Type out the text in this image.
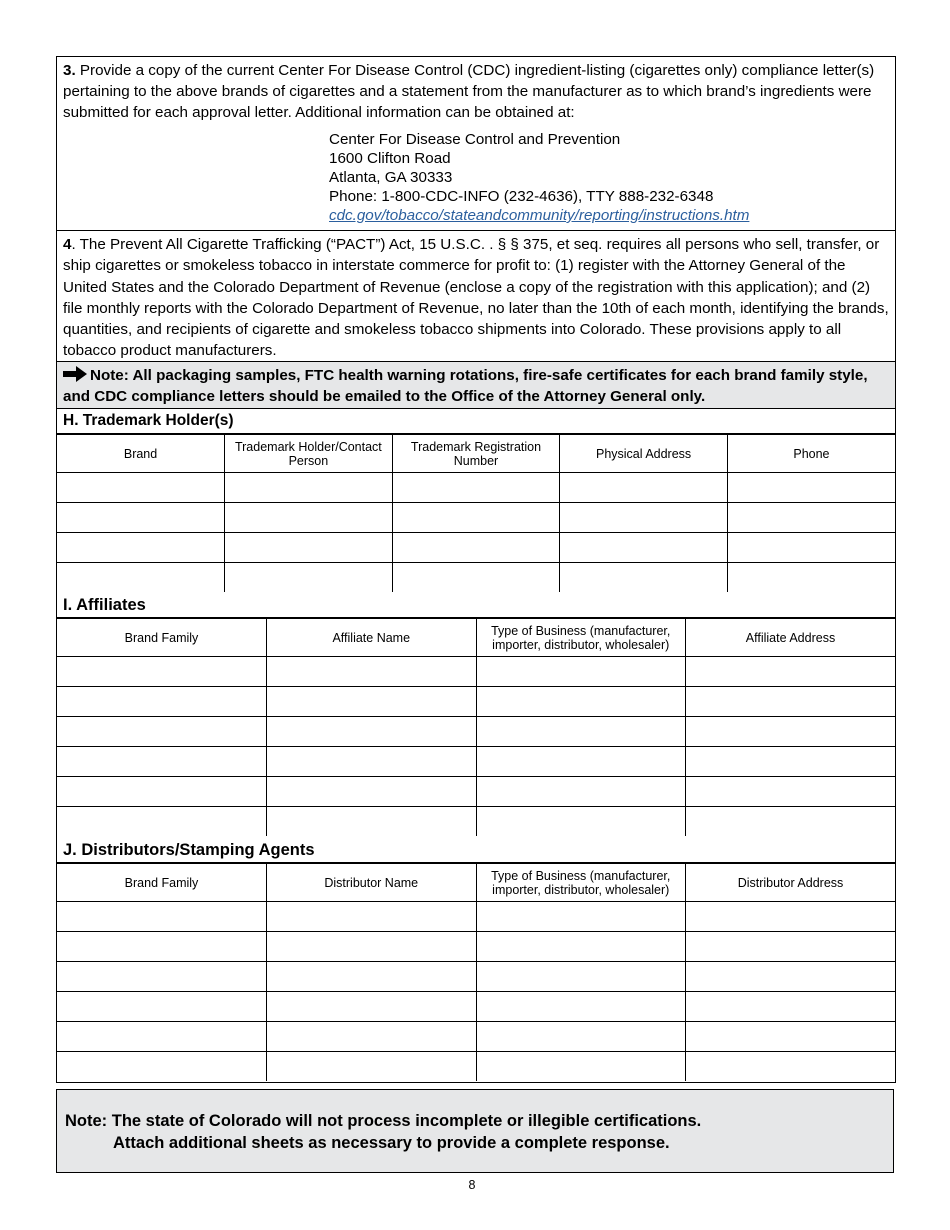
3. Provide a copy of the current Center For Disease Control (CDC) ingredient-listing (cigarettes only) compliance letter(s) pertaining to the above brands of cigarettes and a statement from the manufacturer as to which brand’s ingredients were submitted for each approval letter. Additional information can be obtained at:
Center For Disease Control and Prevention
1600 Clifton Road
Atlanta, GA 30333
Phone: 1-800-CDC-INFO (232-4636), TTY 888-232-6348
cdc.gov/tobacco/stateandcommunity/reporting/instructions.htm
4. The Prevent All Cigarette Trafficking (“PACT”) Act, 15 U.S.C. . § § 375, et seq. requires all persons who sell, transfer, or ship cigarettes or smokeless tobacco in interstate commerce for profit to: (1) register with the Attorney General of the United States and the Colorado Department of Revenue (enclose a copy of the registration with this application); and (2) file monthly reports with the Colorado Department of Revenue, no later than the 10th of each month, identifying the brands, quantities, and recipients of cigarette and smokeless tobacco shipments into Colorado. These provisions apply to all tobacco product manufacturers.
Note: All packaging samples, FTC health warning rotations, fire-safe certificates for each brand family style, and CDC compliance letters should be emailed to the Office of the Attorney General only.
H. Trademark Holder(s)
Brand	Trademark Holder/Contact Person	Trademark Registration Number	Physical Address	Phone

I. Affiliates
Brand Family	Affiliate Name	Type of Business (manufacturer, importer, distributor, wholesaler)	Affiliate Address

J. Distributors/Stamping Agents
Brand Family	Distributor Name	Type of Business (manufacturer, importer, distributor, wholesaler)	Distributor Address

Note: The state of Colorado will not process incomplete or illegible certifications.
Attach additional sheets as necessary to provide a complete response.
8
